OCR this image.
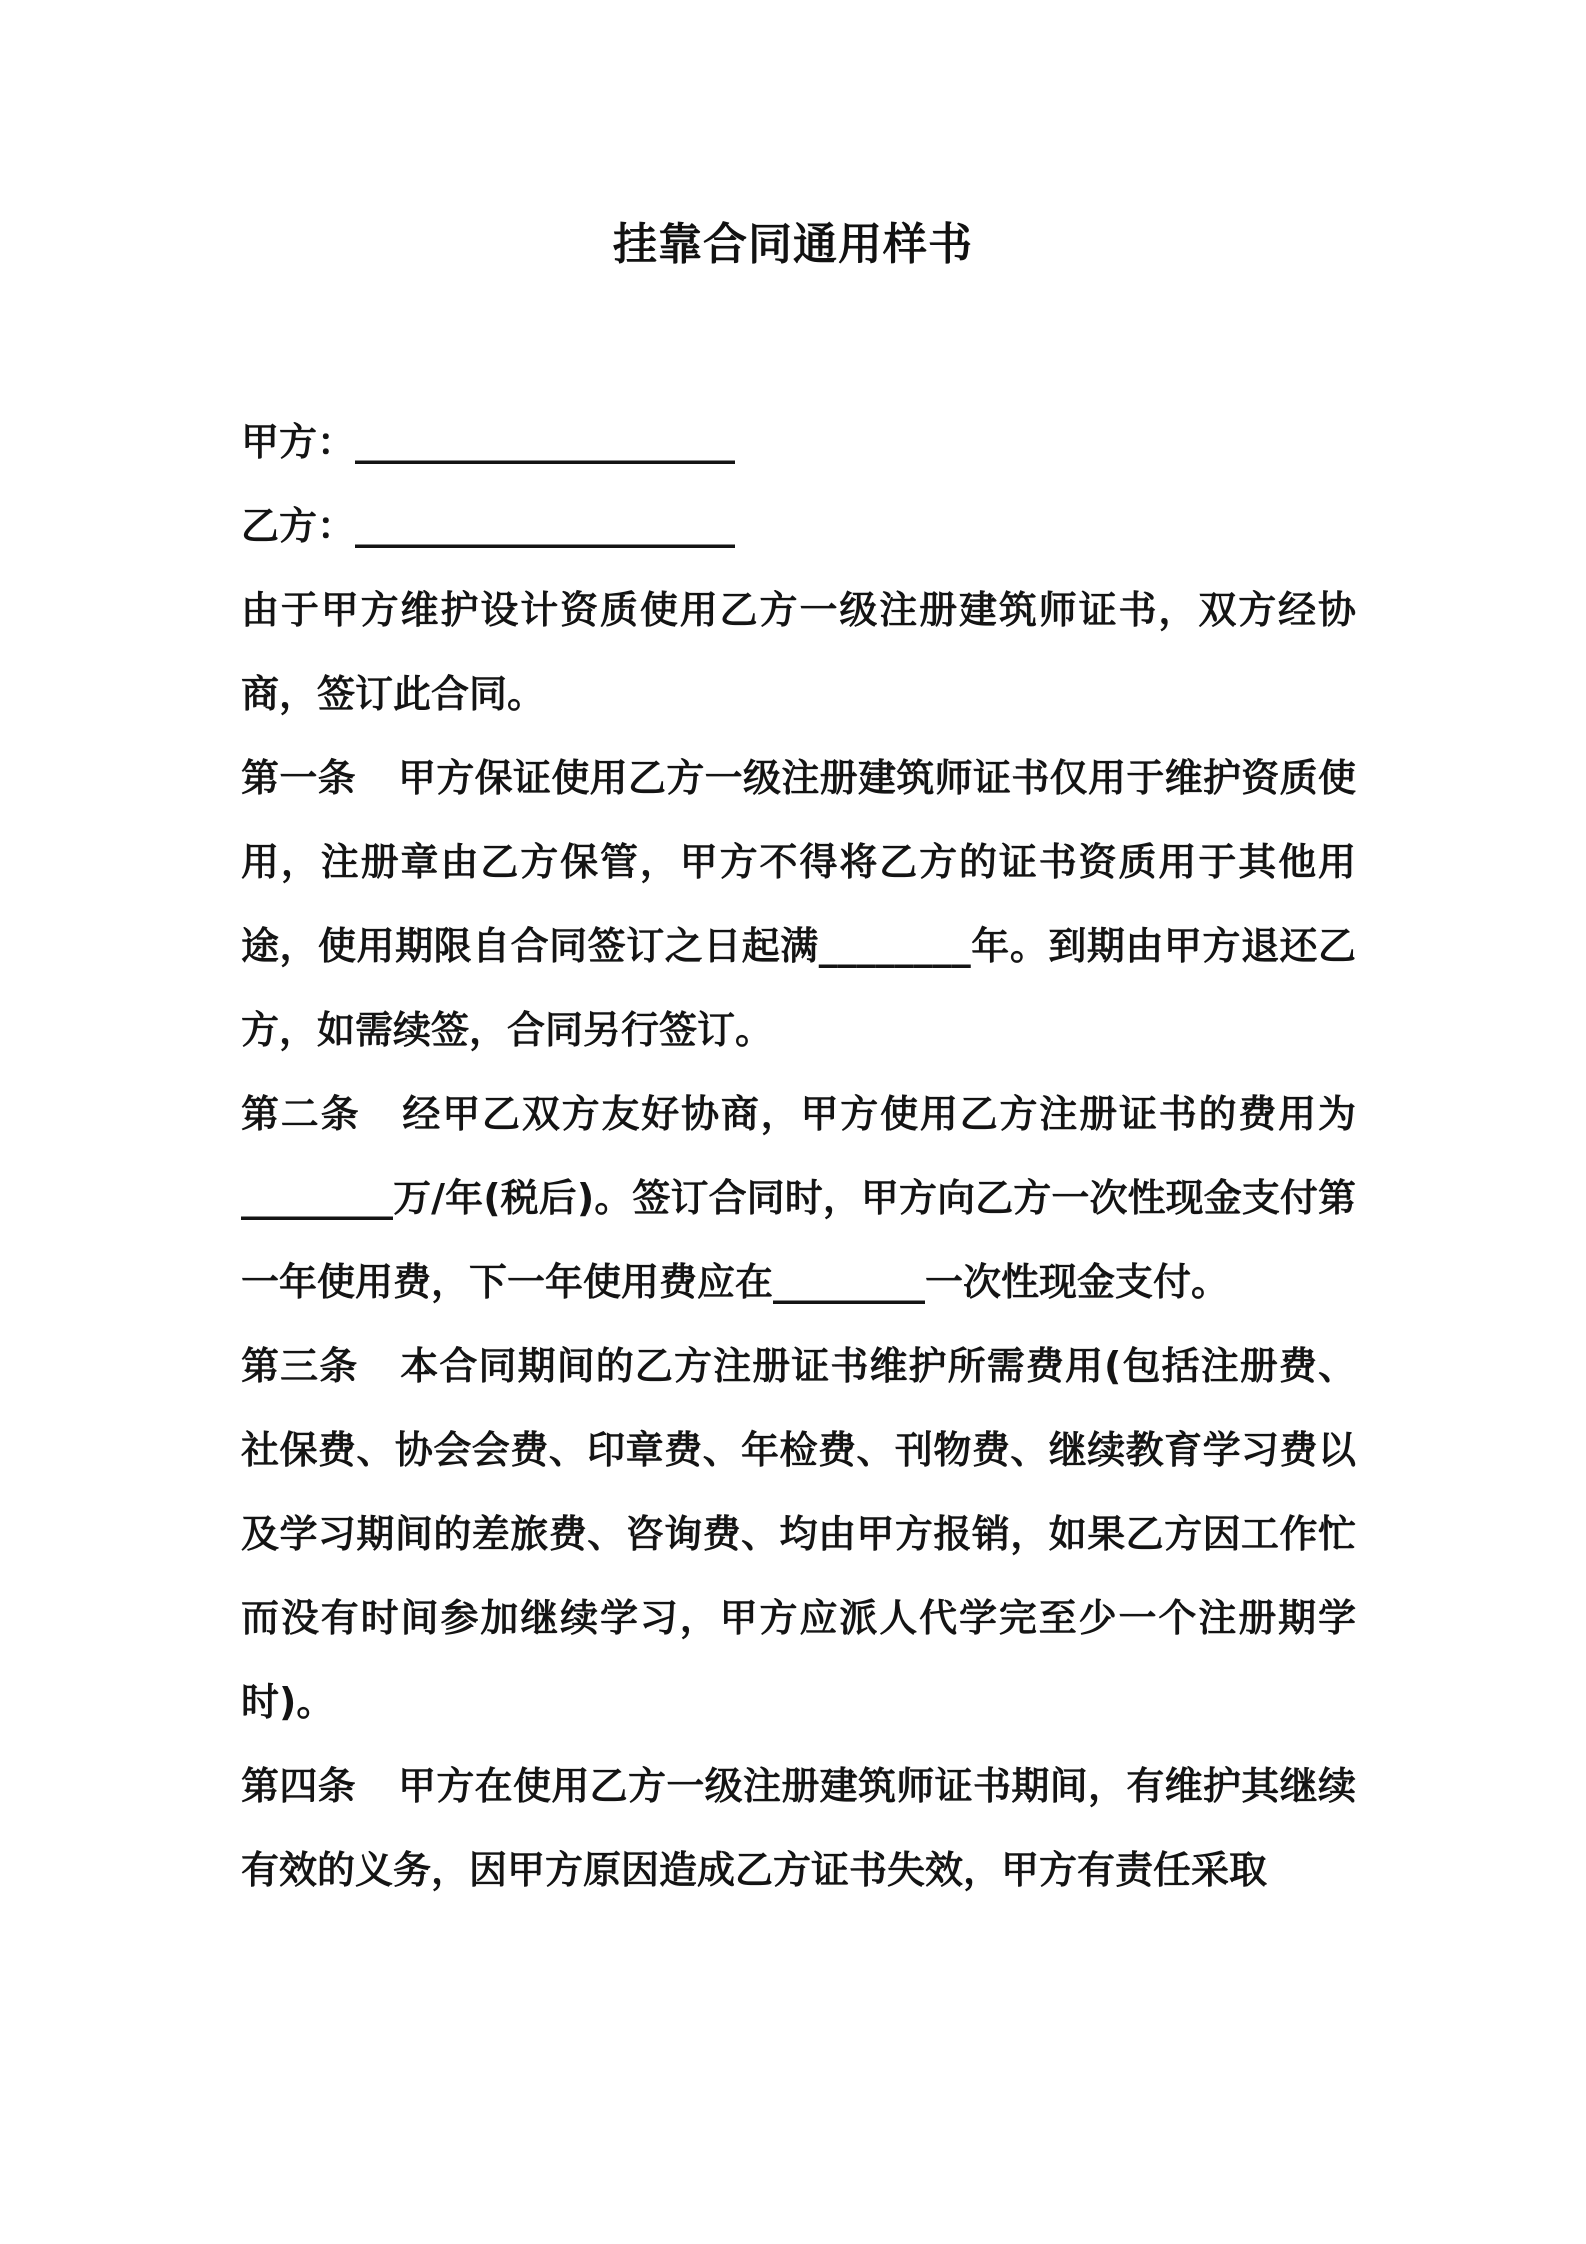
挂靠合同通用样书

甲方：____________________

乙方：____________________

由于甲方维护设计资质使用乙方一级注册建筑师证书，双方经协商，签订此合同。

第一条 甲方保证使用乙方一级注册建筑师证书仅用于维护资质使用，注册章由乙方保管，甲方不得将乙方的证书资质用于其他用途，使用期限自合同签订之日起满________年。到期由甲方退还乙方，如需续签，合同另行签订。

第二条 经甲乙双方友好协商，甲方使用乙方注册证书的费用为________万/年(税后)。签订合同时，甲方向乙方一次性现金支付第一年使用费，下一年使用费应在________一次性现金支付。

第三条 本合同期间的乙方注册证书维护所需费用(包括注册费、社保费、协会会费、印章费、年检费、刊物费、继续教育学习费以及学习期间的差旅费、咨询费、均由甲方报销，如果乙方因工作忙而没有时间参加继续学习，甲方应派人代学完至少一个注册期学时)。

第四条 甲方在使用乙方一级注册建筑师证书期间，有维护其继续有效的义务，因甲方原因造成乙方证书失效，甲方有责任采取
